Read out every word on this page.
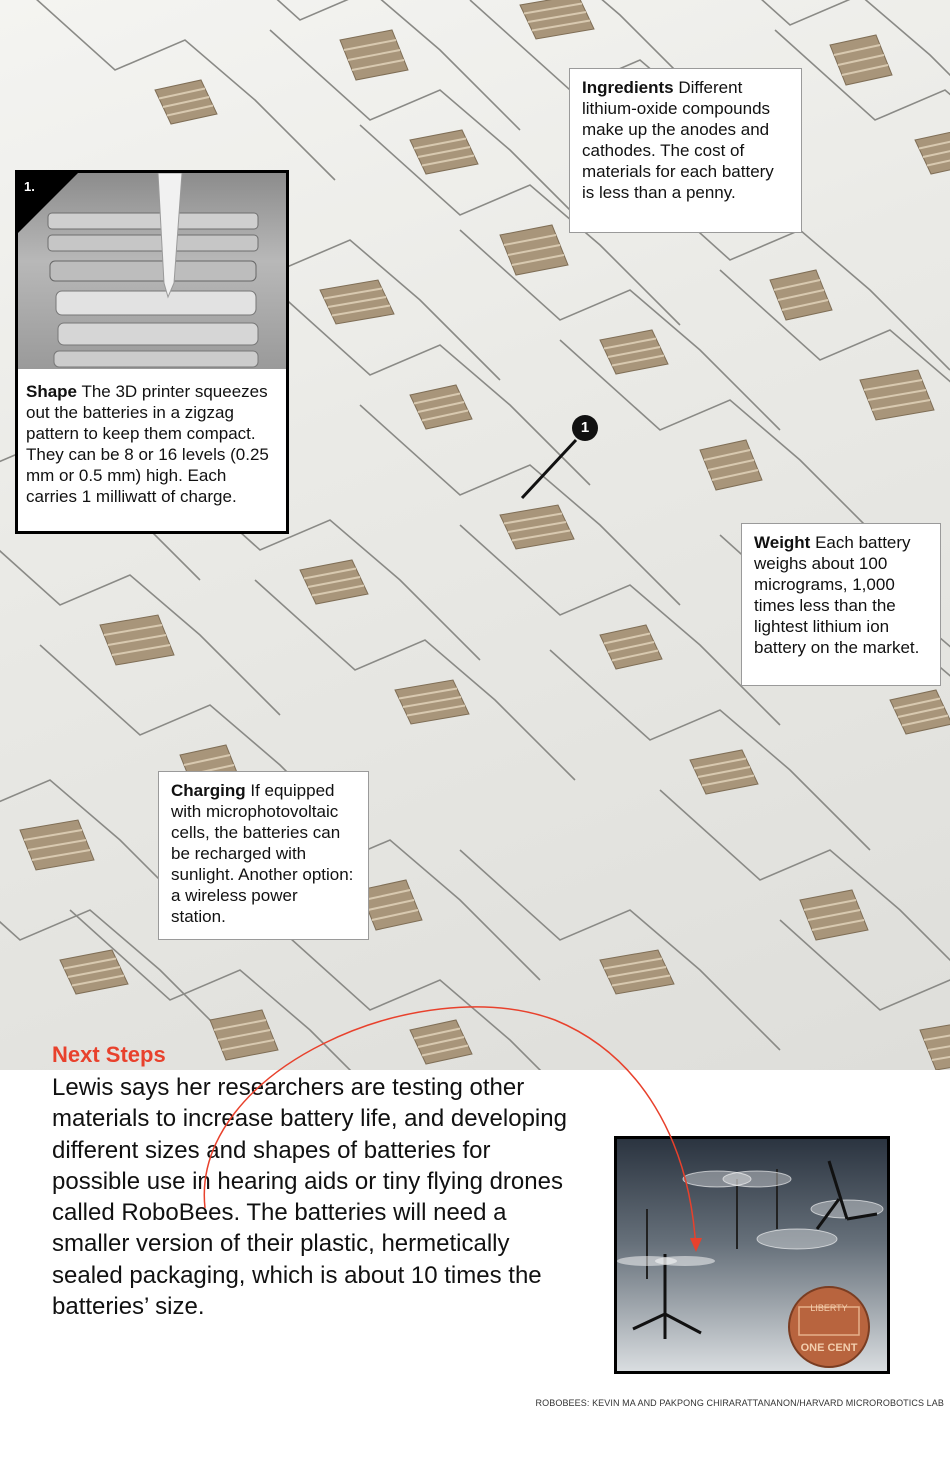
1
1.
Shape The 3D printer squeezes out the batteries in a zigzag pattern to keep them compact. They can be 8 or 16 levels (0.25 mm or 0.5 mm) high. Each carries 1 milliwatt of charge.
Ingredients Different lithium-oxide compounds make up the anodes and cathodes. The cost of materials for each battery is less than a penny.
Weight Each battery weighs about 100 micrograms, 1,000 times less than the lightest lithium ion battery on the market.
Charging If equipped with microphotovoltaic cells, the batteries can be recharged with sunlight. Another option: a wireless power station.
Next Steps
Lewis says her researchers are testing other materials to increase battery life, and developing different sizes and shapes of batteries for possible use in hearing aids or tiny flying drones called RoboBees. The batteries will need a smaller version of their plastic, hermetically sealed packaging, which is about 10 times the batteries’ size.	LIBERTY
ONE CENT
ROBOBEES: KEVIN MA AND PAKPONG CHIRARATTANANON/HARVARD MICROROBOTICS LAB
